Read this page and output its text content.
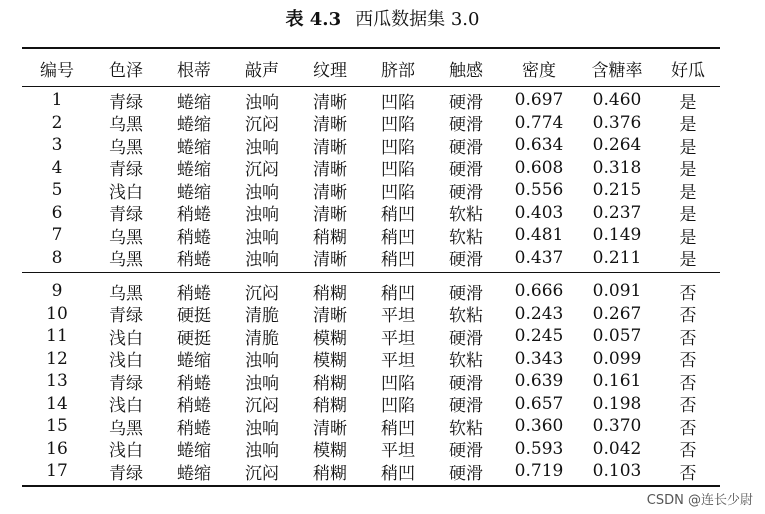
表 4.3 西瓜数据集 3.0
编号	色泽	根蒂	敲声	纹理	脐部	触感	密度	含糖率	好瓜
1	青绿	蜷缩	浊响	清晰	凹陷	硬滑	0.697	0.460	是
2	乌黑	蜷缩	沉闷	清晰	凹陷	硬滑	0.774	0.376	是
3	乌黑	蜷缩	浊响	清晰	凹陷	硬滑	0.634	0.264	是
4	青绿	蜷缩	沉闷	清晰	凹陷	硬滑	0.608	0.318	是
5	浅白	蜷缩	浊响	清晰	凹陷	硬滑	0.556	0.215	是
6	青绿	稍蜷	浊响	清晰	稍凹	软粘	0.403	0.237	是
7	乌黑	稍蜷	浊响	稍糊	稍凹	软粘	0.481	0.149	是
8	乌黑	稍蜷	浊响	清晰	稍凹	硬滑	0.437	0.211	是
9	乌黑	稍蜷	沉闷	稍糊	稍凹	硬滑	0.666	0.091	否
10	青绿	硬挺	清脆	清晰	平坦	软粘	0.243	0.267	否
11	浅白	硬挺	清脆	模糊	平坦	硬滑	0.245	0.057	否
12	浅白	蜷缩	浊响	模糊	平坦	软粘	0.343	0.099	否
13	青绿	稍蜷	浊响	稍糊	凹陷	硬滑	0.639	0.161	否
14	浅白	稍蜷	沉闷	稍糊	凹陷	硬滑	0.657	0.198	否
15	乌黑	稍蜷	浊响	清晰	稍凹	软粘	0.360	0.370	否
16	浅白	蜷缩	浊响	模糊	平坦	硬滑	0.593	0.042	否
17	青绿	蜷缩	沉闷	稍糊	稍凹	硬滑	0.719	0.103	否
CSDN @连长少尉
